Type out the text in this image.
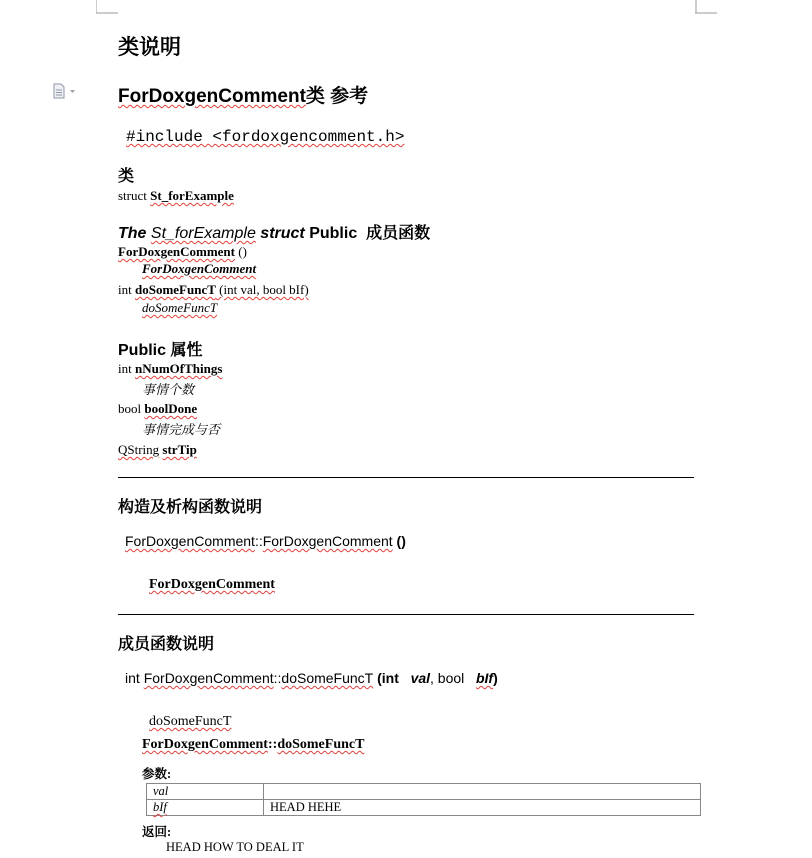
类说明
ForDoxgenComment类 参考
#include <fordoxgencomment.h>
类
struct St_forExample
The St_forExample struct Public 成员函数
ForDoxgenComment ()
ForDoxgenComment
int doSomeFuncT (int val, bool bIf)
doSomeFuncT
Public 属性
int nNumOfThings
事情个数
bool boolDone
事情完成与否
QString strTip
构造及析构函数说明
ForDoxgenComment::ForDoxgenComment ()
ForDoxgenComment
成员函数说明
int ForDoxgenComment::doSomeFuncT (int val, bool bIf)
doSomeFuncT
ForDoxgenComment::doSomeFuncT
参数:
val	
bIf	HEAD HEHE
返回:
HEAD HOW TO DEAL IT
